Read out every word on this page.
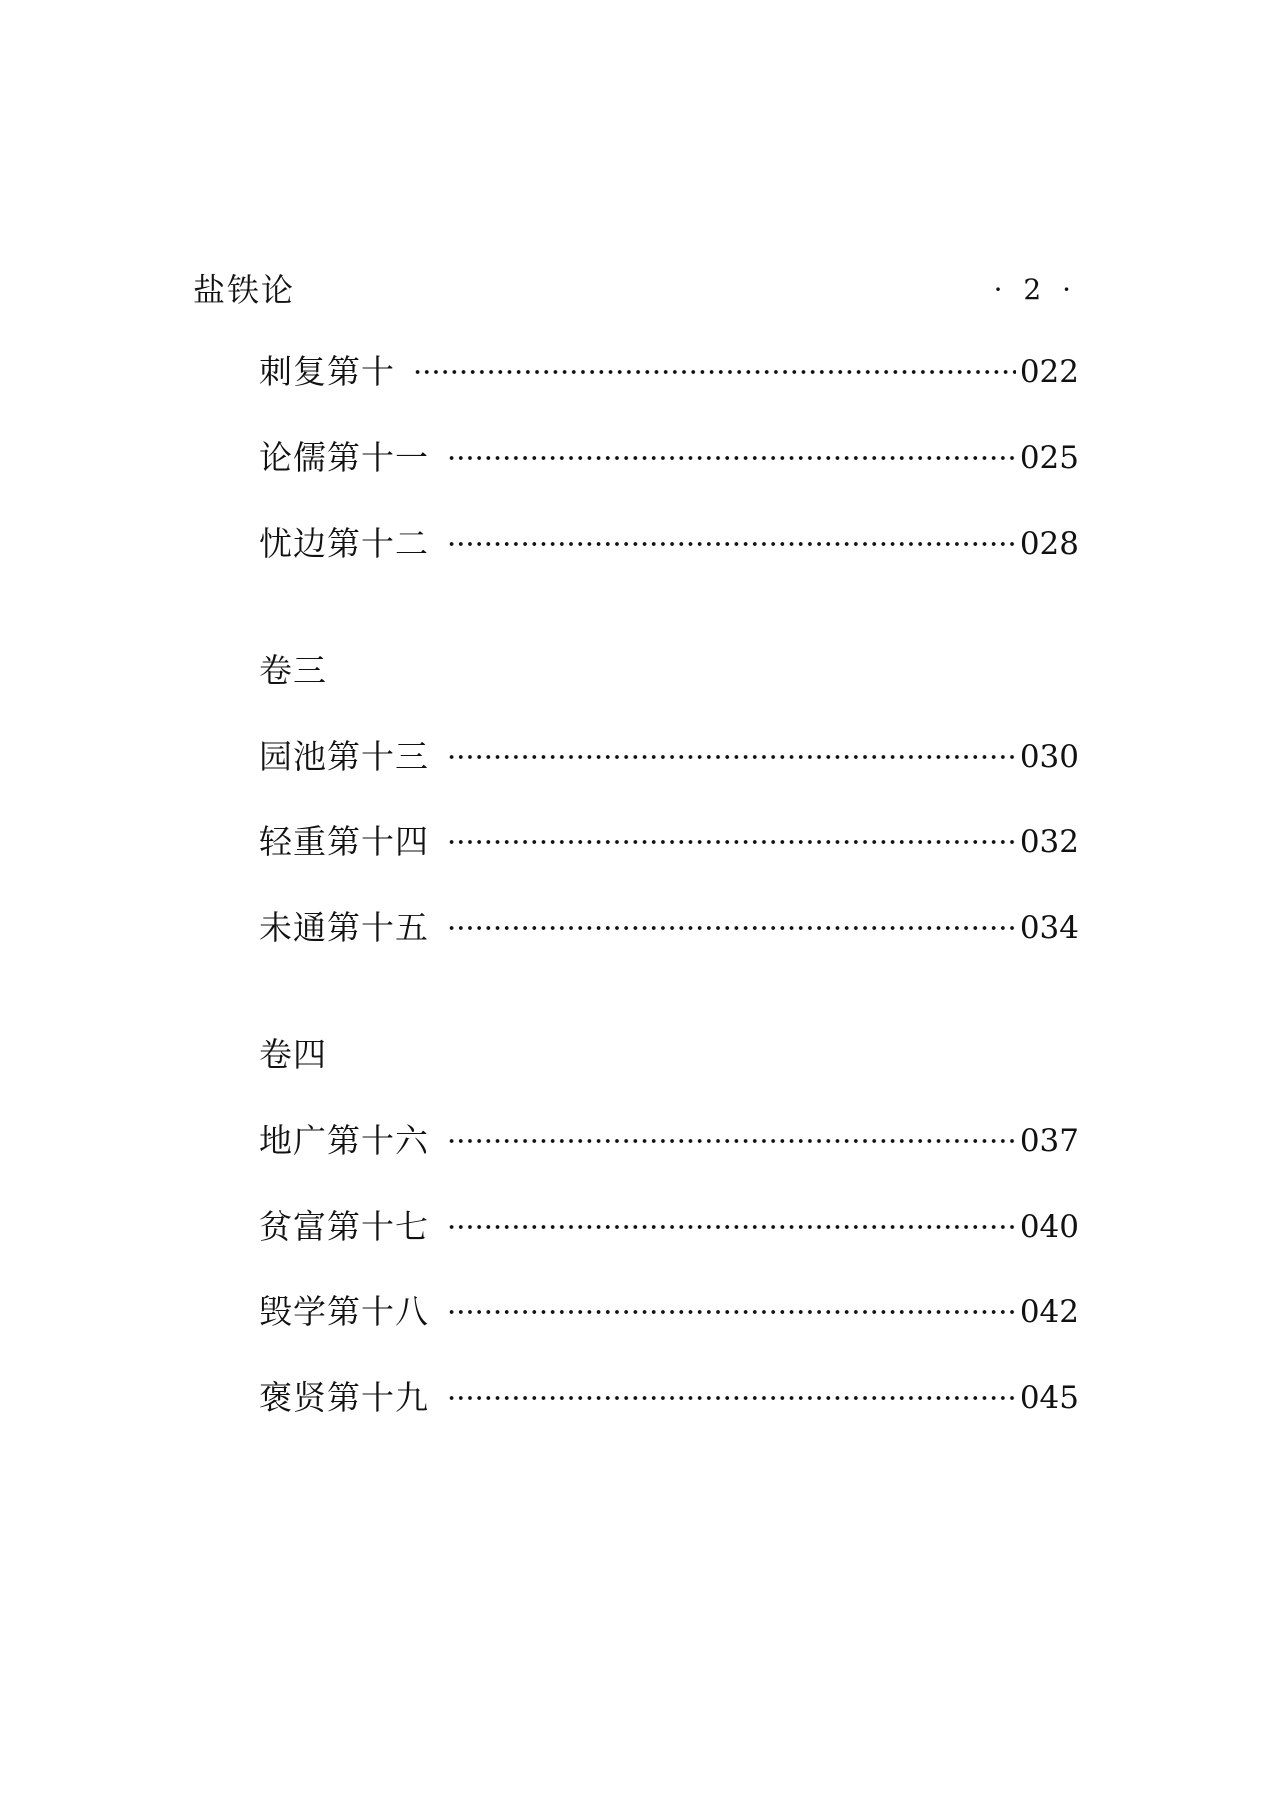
盐铁论	· 2 ·
刺复第十	022
论儒第十一	025
忧边第十二	028
卷三
园池第十三	030
轻重第十四	032
未通第十五	034
卷四
地广第十六	037
贫富第十七	040
毁学第十八	042
褒贤第十九	045
